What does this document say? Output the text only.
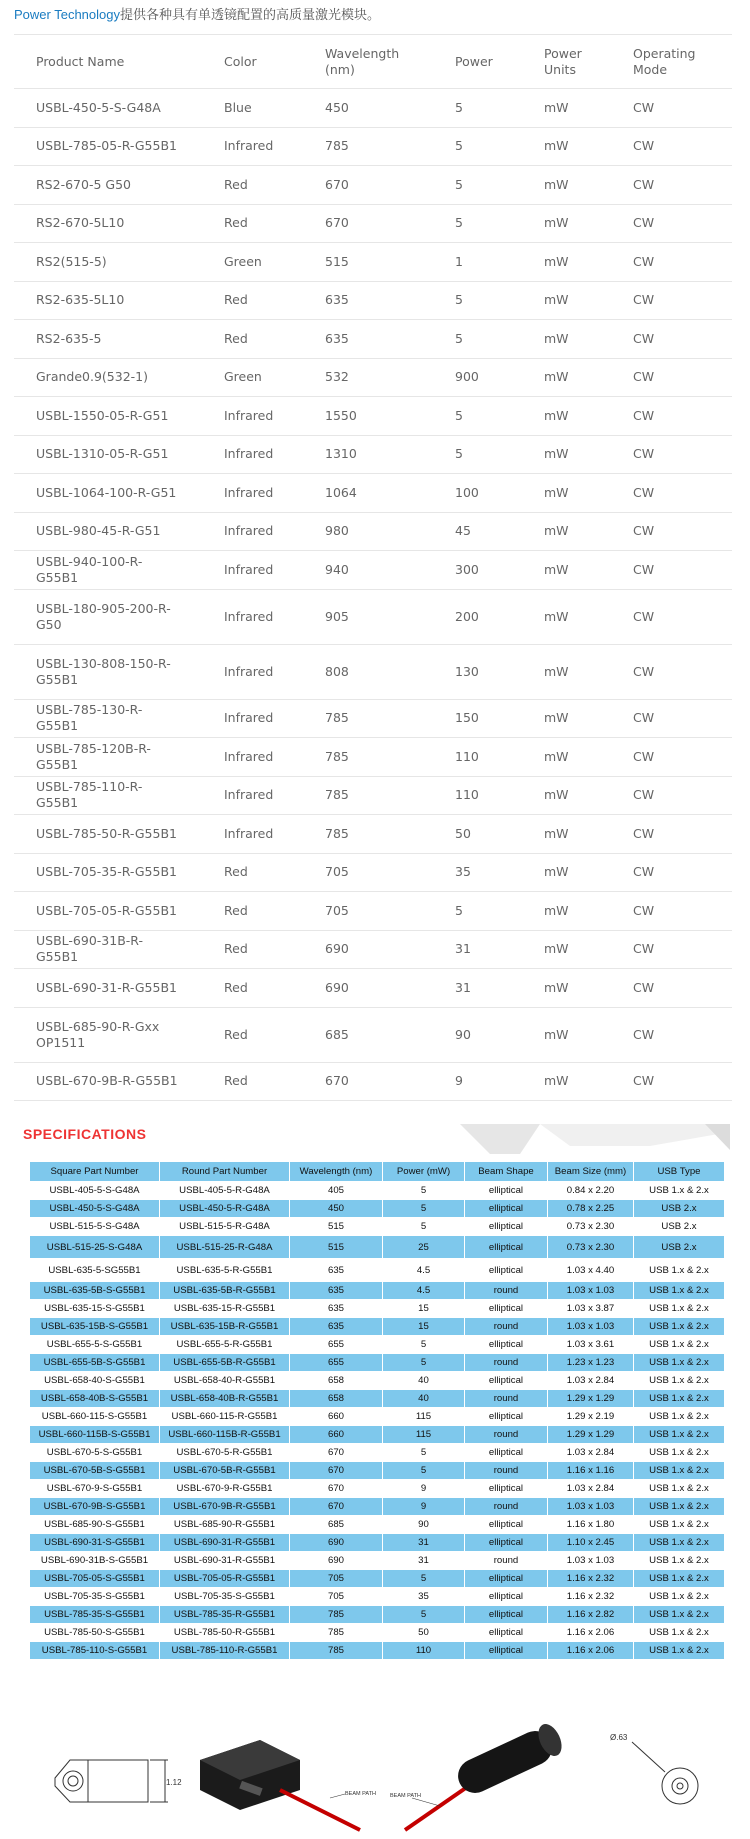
Power Technology提供各种具有单透镜配置的高质量激光模块。
Product Name	Color	Wavelength (nm)	Power	Power Units	Operating Mode
USBL-450-5-S-G48A	Blue	450	5	mW	CW
USBL-785-05-R-G55B1	Infrared	785	5	mW	CW
RS2-670-5 G50	Red	670	5	mW	CW
RS2-670-5L10	Red	670	5	mW	CW
RS2(515-5)	Green	515	1	mW	CW
RS2-635-5L10	Red	635	5	mW	CW
RS2-635-5	Red	635	5	mW	CW
Grande0.9(532-1)	Green	532	900	mW	CW
USBL-1550-05-R-G51	Infrared	1550	5	mW	CW
USBL-1310-05-R-G51	Infrared	1310	5	mW	CW
USBL-1064-100-R-G51	Infrared	1064	100	mW	CW
USBL-980-45-R-G51	Infrared	980	45	mW	CW
USBL-940-100-R-G55B1	Infrared	940	300	mW	CW
USBL-180-905-200-R-G50	Infrared	905	200	mW	CW
USBL-130-808-150-R-G55B1	Infrared	808	130	mW	CW
USBL-785-130-R-G55B1	Infrared	785	150	mW	CW
USBL-785-120B-R-G55B1	Infrared	785	110	mW	CW
USBL-785-110-R-G55B1	Infrared	785	110	mW	CW
USBL-785-50-R-G55B1	Infrared	785	50	mW	CW
USBL-705-35-R-G55B1	Red	705	35	mW	CW
USBL-705-05-R-G55B1	Red	705	5	mW	CW
USBL-690-31B-R-G55B1	Red	690	31	mW	CW
USBL-690-31-R-G55B1	Red	690	31	mW	CW
USBL-685-90-R-Gxx OP1511	Red	685	90	mW	CW
USBL-670-9B-R-G55B1	Red	670	9	mW	CW
SPECIFICATIONS
Square Part Number	Round Part Number	Wavelength (nm)	Power (mW)	Beam Shape	Beam Size (mm)	USB Type
USBL-405-5-S-G48A	USBL-405-5-R-G48A	405	5	elliptical	0.84 x 2.20	USB 1.x & 2.x
USBL-450-5-S-G48A	USBL-450-5-R-G48A	450	5	elliptical	0.78 x 2.25	USB 2.x
USBL-515-5-S-G48A	USBL-515-5-R-G48A	515	5	elliptical	0.73 x 2.30	USB 2.x
USBL-515-25-S-G48A	USBL-515-25-R-G48A	515	25	elliptical	0.73 x 2.30	USB 2.x
USBL-635-5-SG55B1	USBL-635-5-R-G55B1	635	4.5	elliptical	1.03 x 4.40	USB 1.x & 2.x
USBL-635-5B-S-G55B1	USBL-635-5B-R-G55B1	635	4.5	round	1.03 x 1.03	USB 1.x & 2.x
USBL-635-15-S-G55B1	USBL-635-15-R-G55B1	635	15	elliptical	1.03 x 3.87	USB 1.x & 2.x
USBL-635-15B-S-G55B1	USBL-635-15B-R-G55B1	635	15	round	1.03 x 1.03	USB 1.x & 2.x
USBL-655-5-S-G55B1	USBL-655-5-R-G55B1	655	5	elliptical	1.03 x 3.61	USB 1.x & 2.x
USBL-655-5B-S-G55B1	USBL-655-5B-R-G55B1	655	5	round	1.23 x 1.23	USB 1.x & 2.x
USBL-658-40-S-G55B1	USBL-658-40-R-G55B1	658	40	elliptical	1.03 x 2.84	USB 1.x & 2.x
USBL-658-40B-S-G55B1	USBL-658-40B-R-G55B1	658	40	round	1.29 x 1.29	USB 1.x & 2.x
USBL-660-115-S-G55B1	USBL-660-115-R-G55B1	660	115	elliptical	1.29 x 2.19	USB 1.x & 2.x
USBL-660-115B-S-G55B1	USBL-660-115B-R-G55B1	660	115	round	1.29 x 1.29	USB 1.x & 2.x
USBL-670-5-S-G55B1	USBL-670-5-R-G55B1	670	5	elliptical	1.03 x 2.84	USB 1.x & 2.x
USBL-670-5B-S-G55B1	USBL-670-5B-R-G55B1	670	5	round	1.16 x 1.16	USB 1.x & 2.x
USBL-670-9-S-G55B1	USBL-670-9-R-G55B1	670	9	elliptical	1.03 x 2.84	USB 1.x & 2.x
USBL-670-9B-S-G55B1	USBL-670-9B-R-G55B1	670	9	round	1.03 x 1.03	USB 1.x & 2.x
USBL-685-90-S-G55B1	USBL-685-90-R-G55B1	685	90	elliptical	1.16 x 1.80	USB 1.x & 2.x
USBL-690-31-S-G55B1	USBL-690-31-R-G55B1	690	31	elliptical	1.10 x 2.45	USB 1.x & 2.x
USBL-690-31B-S-G55B1	USBL-690-31-R-G55B1	690	31	round	1.03 x 1.03	USB 1.x & 2.x
USBL-705-05-S-G55B1	USBL-705-05-R-G55B1	705	5	elliptical	1.16 x 2.32	USB 1.x & 2.x
USBL-705-35-S-G55B1	USBL-705-35-S-G55B1	705	35	elliptical	1.16 x 2.32	USB 1.x & 2.x
USBL-785-35-S-G55B1	USBL-785-35-R-G55B1	785	5	elliptical	1.16 x 2.82	USB 1.x & 2.x
USBL-785-50-S-G55B1	USBL-785-50-R-G55B1	785	50	elliptical	1.16 x 2.06	USB 1.x & 2.x
USBL-785-110-S-G55B1	USBL-785-110-R-G55B1	785	110	elliptical	1.16 x 2.06	USB 1.x & 2.x
1.12
BEAM PATH	BEAM PATH
Ø.63
